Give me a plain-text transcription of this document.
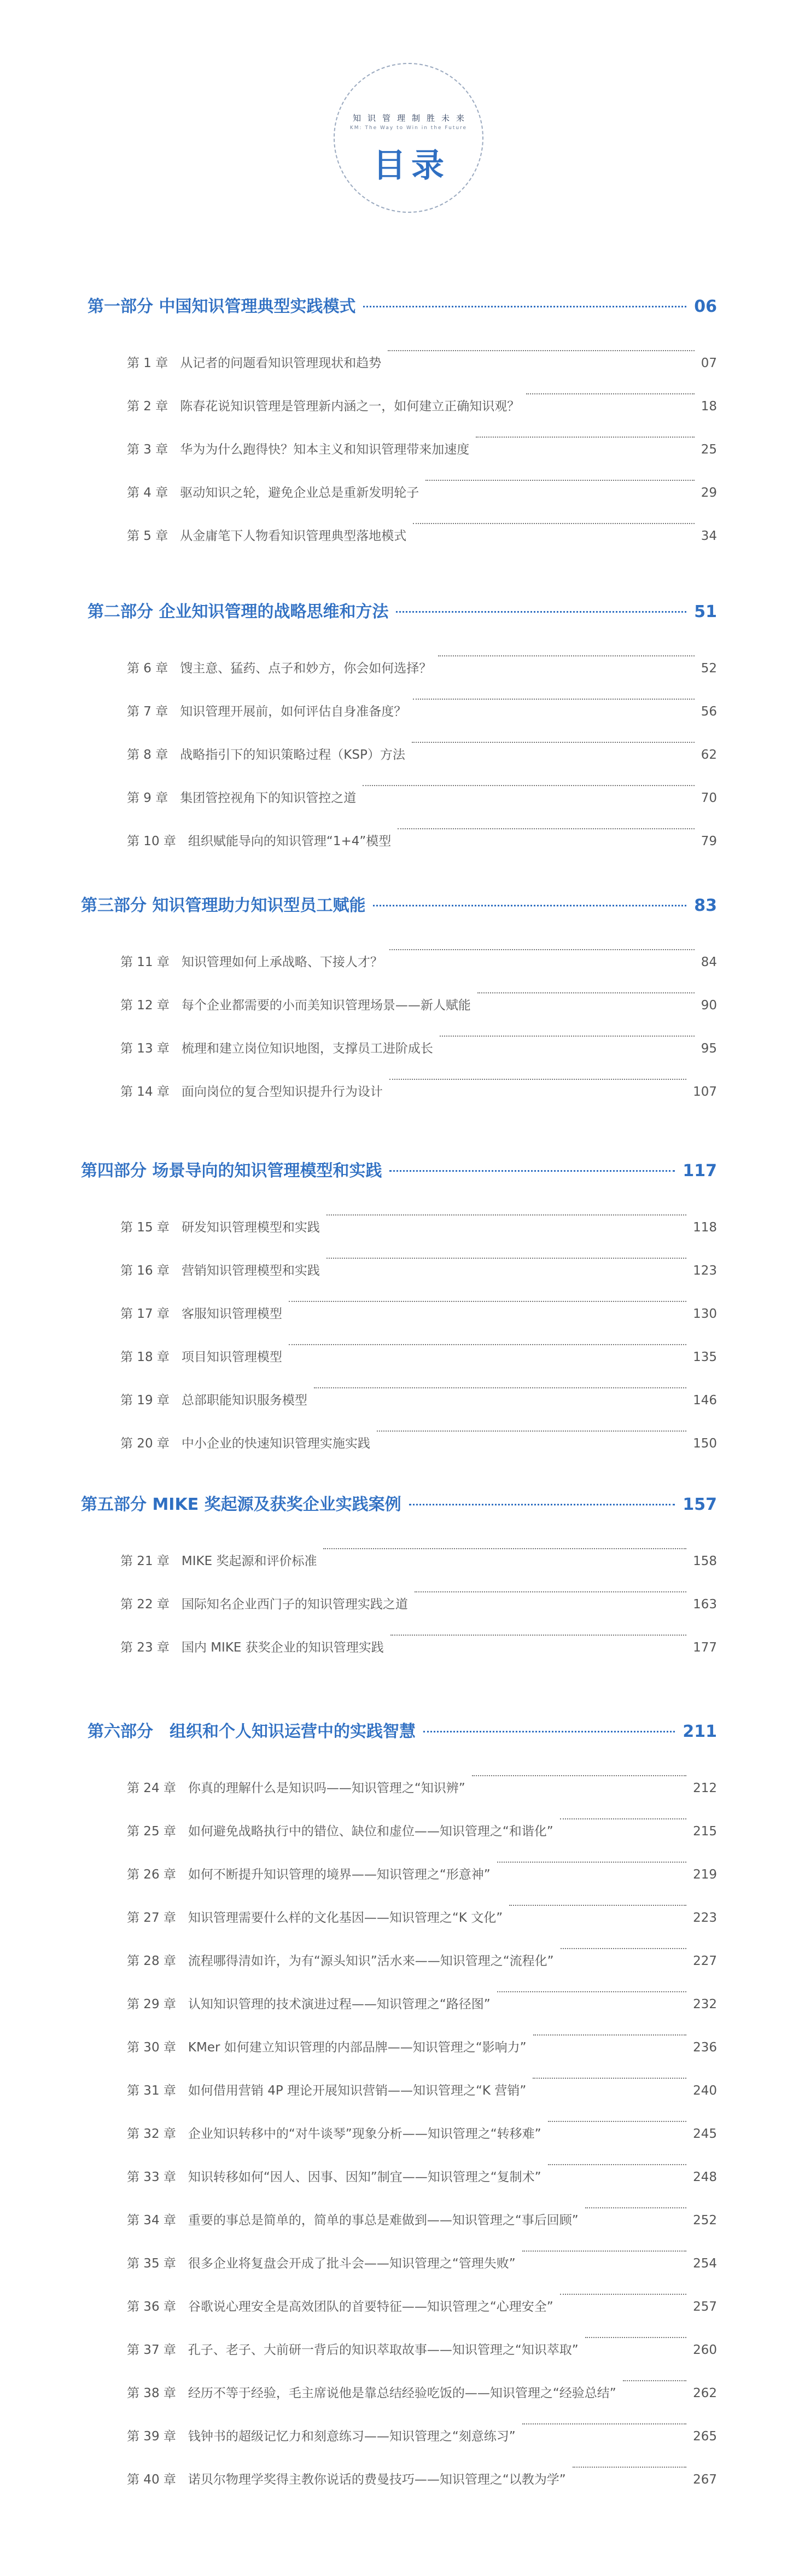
知识管理制胜未来
KM: The Way to Win in the Future
目录
第一部分 中国知识管理典型实践模式	06
第 1 章 从记者的问题看知识管理现状和趋势	07
第 2 章 陈春花说知识管理是管理新内涵之一，如何建立正确知识观？	18
第 3 章 华为为什么跑得快？知本主义和知识管理带来加速度	25
第 4 章 驱动知识之轮，避免企业总是重新发明轮子	29
第 5 章 从金庸笔下人物看知识管理典型落地模式	34
第二部分 企业知识管理的战略思维和方法	51
第 6 章 馊主意、猛药、点子和妙方，你会如何选择？	52
第 7 章 知识管理开展前，如何评估自身准备度？	56
第 8 章 战略指引下的知识策略过程（KSP）方法	62
第 9 章 集团管控视角下的知识管控之道	70
第 10 章 组织赋能导向的知识管理“1+4”模型	79
第三部分 知识管理助力知识型员工赋能	83
第 11 章 知识管理如何上承战略、下接人才？	84
第 12 章 每个企业都需要的小而美知识管理场景——新人赋能	90
第 13 章 梳理和建立岗位知识地图，支撑员工进阶成长	95
第 14 章 面向岗位的复合型知识提升行为设计	107
第四部分 场景导向的知识管理模型和实践	117
第 15 章 研发知识管理模型和实践	118
第 16 章 营销知识管理模型和实践	123
第 17 章 客服知识管理模型	130
第 18 章 项目知识管理模型	135
第 19 章 总部职能知识服务模型	146
第 20 章 中小企业的快速知识管理实施实践	150
第五部分 MIKE 奖起源及获奖企业实践案例	157
第 21 章 MIKE 奖起源和评价标准	158
第 22 章 国际知名企业西门子的知识管理实践之道	163
第 23 章 国内 MIKE 获奖企业的知识管理实践	177
第六部分　组织和个人知识运营中的实践智慧	211
第 24 章 你真的理解什么是知识吗——知识管理之“知识辨”	212
第 25 章 如何避免战略执行中的错位、缺位和虚位——知识管理之“和谐化”	215
第 26 章 如何不断提升知识管理的境界——知识管理之“形意神”	219
第 27 章 知识管理需要什么样的文化基因——知识管理之“K 文化”	223
第 28 章 流程哪得清如许，为有“源头知识”活水来——知识管理之“流程化”	227
第 29 章 认知知识管理的技术演进过程——知识管理之“路径图”	232
第 30 章 KMer 如何建立知识管理的内部品牌——知识管理之“影响力”	236
第 31 章 如何借用营销 4P 理论开展知识营销——知识管理之“K 营销”	240
第 32 章 企业知识转移中的“对牛谈琴”现象分析——知识管理之“转移难”	245
第 33 章 知识转移如何“因人、因事、因知”制宜——知识管理之“复制术”	248
第 34 章 重要的事总是简单的，简单的事总是难做到——知识管理之“事后回顾”	252
第 35 章 很多企业将复盘会开成了批斗会——知识管理之“管理失败”	254
第 36 章 谷歌说心理安全是高效团队的首要特征——知识管理之“心理安全”	257
第 37 章 孔子、老子、大前研一背后的知识萃取故事——知识管理之“知识萃取”	260
第 38 章 经历不等于经验，毛主席说他是靠总结经验吃饭的——知识管理之“经验总结”	262
第 39 章 钱钟书的超级记忆力和刻意练习——知识管理之“刻意练习”	265
第 40 章 诺贝尔物理学奖得主教你说话的费曼技巧——知识管理之“以教为学”	267
